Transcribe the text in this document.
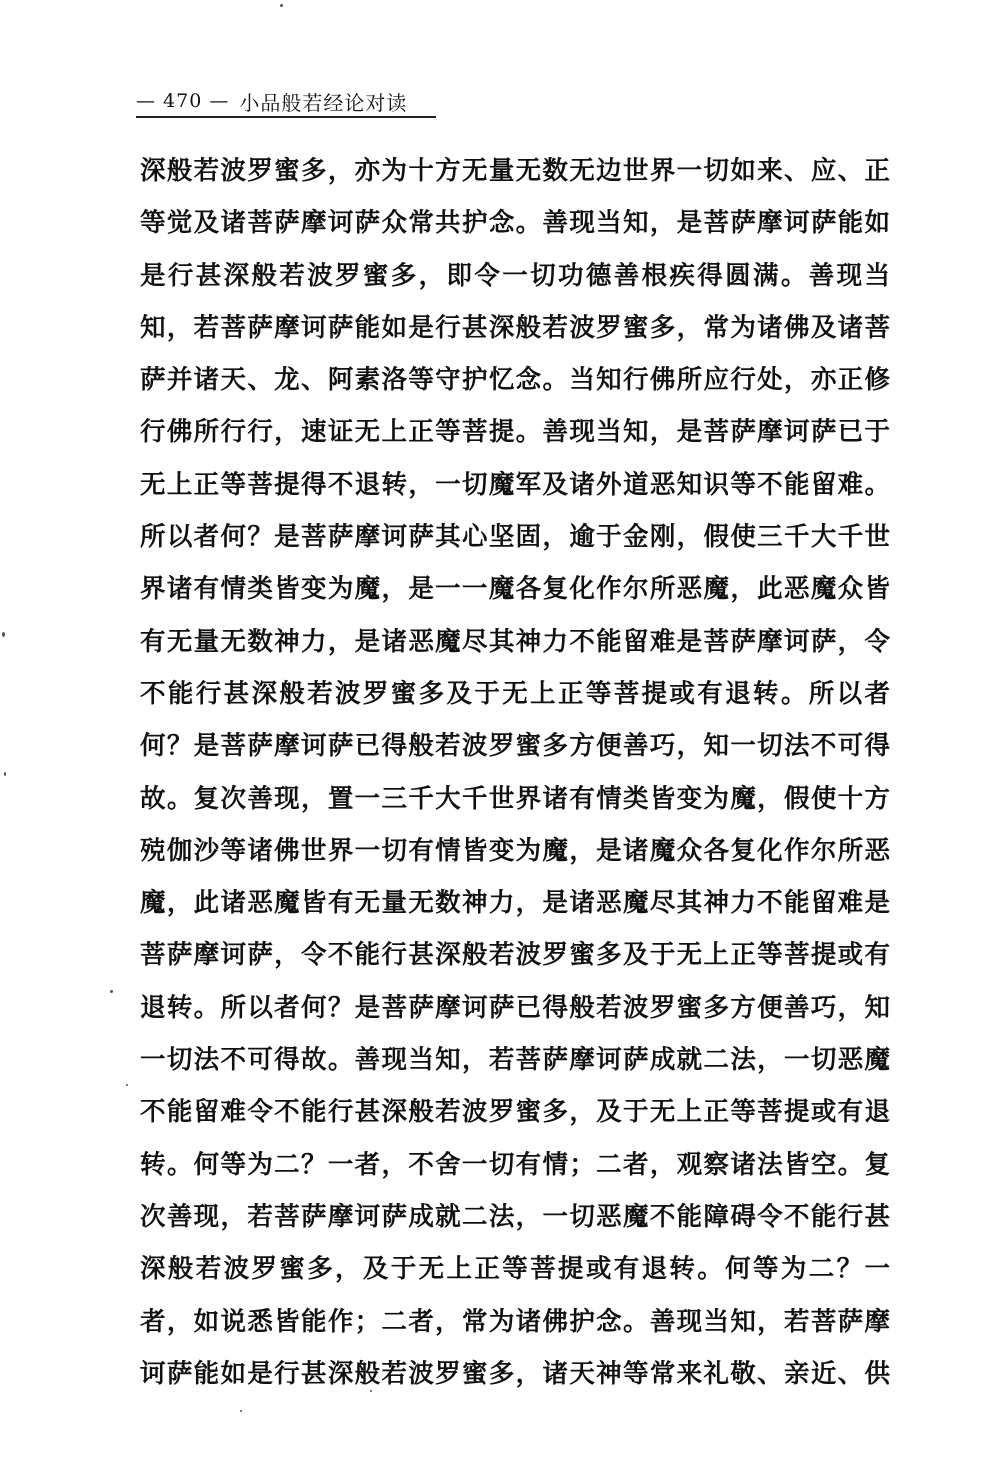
— 470 — 小品般若经论对读
深般若波罗蜜多，亦为十方无量无数无边世界一切如来、应、正
等觉及诸菩萨摩诃萨众常共护念。善现当知，是菩萨摩诃萨能如
是行甚深般若波罗蜜多，即令一切功德善根疾得圆满。善现当
知，若菩萨摩诃萨能如是行甚深般若波罗蜜多，常为诸佛及诸菩
萨并诸天、龙、阿素洛等守护忆念。当知行佛所应行处，亦正修
行佛所行行，速证无上正等菩提。善现当知，是菩萨摩诃萨已于
无上正等菩提得不退转，一切魔军及诸外道恶知识等不能留难。
所以者何？是菩萨摩诃萨其心坚固，逾于金刚，假使三千大千世
界诸有情类皆变为魔，是一一魔各复化作尔所恶魔，此恶魔众皆
有无量无数神力，是诸恶魔尽其神力不能留难是菩萨摩诃萨，令
不能行甚深般若波罗蜜多及于无上正等菩提或有退转。所以者
何？是菩萨摩诃萨已得般若波罗蜜多方便善巧，知一切法不可得
故。复次善现，置一三千大千世界诸有情类皆变为魔，假使十方
殑伽沙等诸佛世界一切有情皆变为魔，是诸魔众各复化作尔所恶
魔，此诸恶魔皆有无量无数神力，是诸恶魔尽其神力不能留难是
菩萨摩诃萨，令不能行甚深般若波罗蜜多及于无上正等菩提或有
退转。所以者何？是菩萨摩诃萨已得般若波罗蜜多方便善巧，知
一切法不可得故。善现当知，若菩萨摩诃萨成就二法，一切恶魔
不能留难令不能行甚深般若波罗蜜多，及于无上正等菩提或有退
转。何等为二？一者，不舍一切有情；二者，观察诸法皆空。复
次善现，若菩萨摩诃萨成就二法，一切恶魔不能障碍令不能行甚
深般若波罗蜜多，及于无上正等菩提或有退转。何等为二？一
者，如说悉皆能作；二者，常为诸佛护念。善现当知，若菩萨摩
诃萨能如是行甚深般若波罗蜜多，诸天神等常来礼敬、亲近、供
